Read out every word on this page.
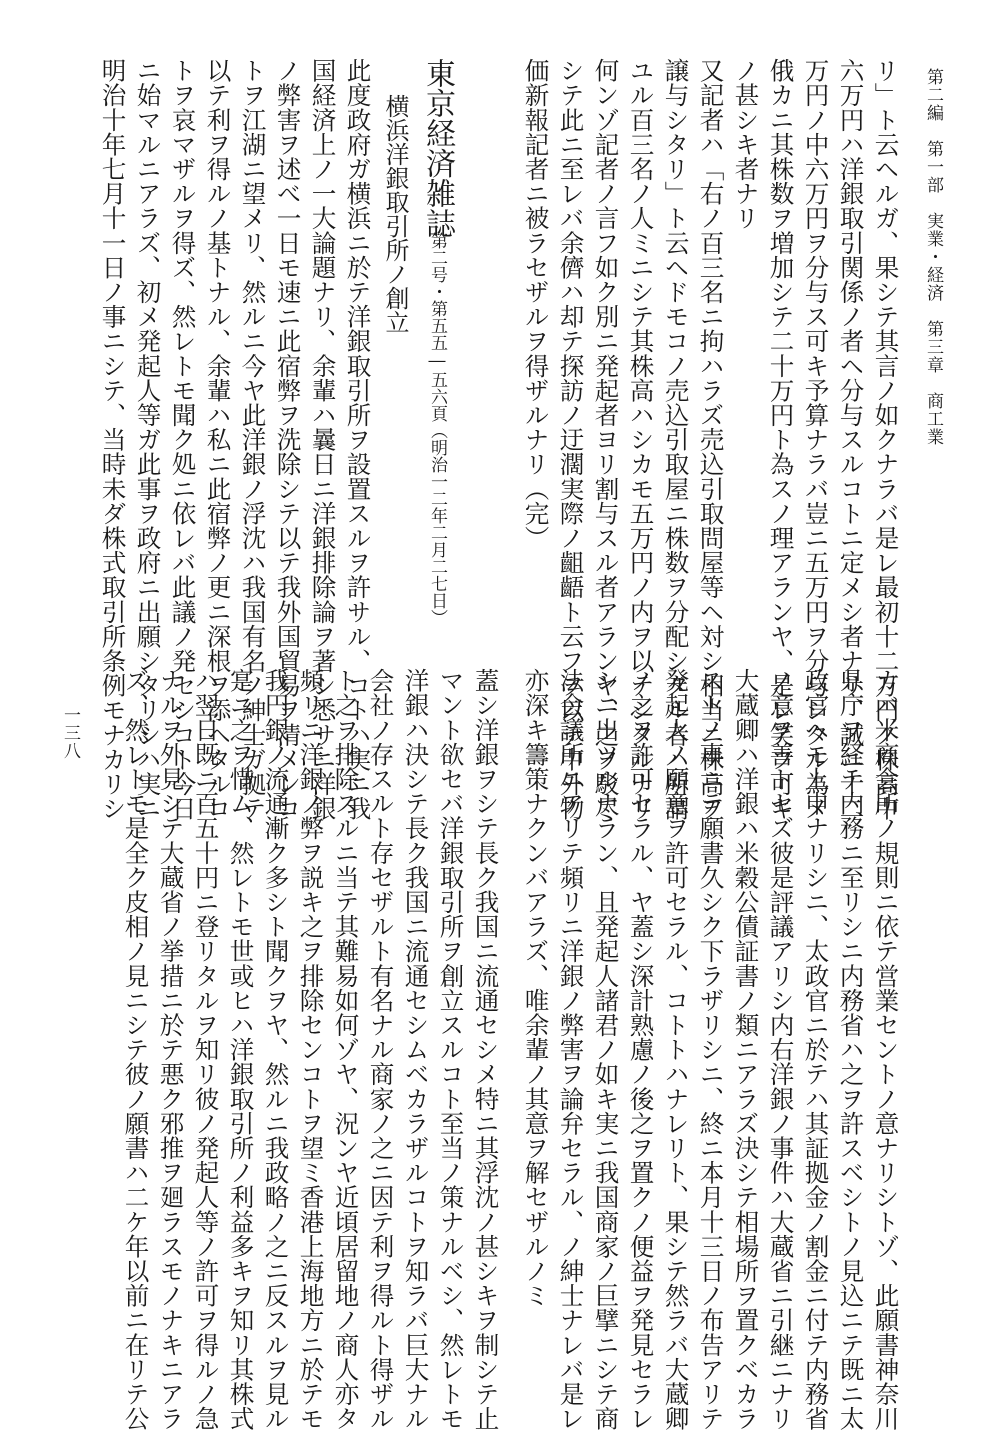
第二編　第一部　実業・経済　第三章　商工業
一三八	リ」ト云ヘルガ、果シテ其言ノ如クナラバ是レ最初十二万円ノ株高中
六万円ハ洋銀取引関係ノ者ヘ分与スルコトニ定メシ者ナリ、誠ニ十二
万円ノ中六万円ヲ分与ス可キ予算ナラバ豈ニ五万円ヲ分与シタル為メ
俄カニ其株数ヲ増加シテ二十万円ト為スノ理アランヤ、是レ笑フ可キ
ノ甚シキ者ナリ
又記者ハ「右ノ百三名ニ拘ハラズ売込引取問屋等ヘ対シ相当ニ株高ヲ
譲与シタリ」ト云ヘドモコノ売込引取屋ニ株数ヲ分配シタル者ハ所謂
ユル百三名ノ人ミニシテ其株高ハシカモ五万円ノ内ヲ以テシタルナリ
何ンゾ記者ノ言フ如ク別ニ発起者ヨリ割与スル者アランヤ、之ヲ駁尽
シテ此ニ至レバ余儕ハ却テ探訪ノ迂濶実際ノ齟齬ト云フヲ以テ中外物
価新報記者ニ被ラセザルヲ得ザルナリ（完）
東京経済雑誌
第二号・第五五―五六頁（明治一二年二月二七日）
横浜洋銀取引所ノ創立
此度政府ガ横浜ニ於テ洋銀取引所ヲ設置スルヲ許サル、コトハ実ニ我
国経済上ノ一大論題ナリ、余輩ハ曩日ニ洋銀排除論ヲ著シ悉サニ洋銀
ノ弊害ヲ述べ一日モ速ニ此宿弊ヲ洗除シテ以テ我外国貿易ヲ清メンコ
トヲ江湖ニ望メリ、然ルニ今ヤ此洋銀ノ浮沈ハ我国有名ノ紳士ガ拠テ
以テ利ヲ得ルノ基トナル、余輩ハ私ニ此宿弊ノ更ニ深根ヲ添ヘタルコ
トヲ哀マザルヲ得ズ、然レトモ聞ク処ニ依レバ此議ノ発セシコト今日
ニ始マルニアラズ、初メ発起人等ガ此事ヲ政府ニ出願シタリシハ実ニ
明治十年七月十一日ノ事ニシテ、当時未ダ株式取引所条例モナカリシ
カバ米商会所ノ規則ニ依テ営業セントノ意ナリシトゾ、此願書神奈川
県庁ヲ経テ内務ニ至リシニ内務省ハ之ヲ許スベシトノ見込ニテ既ニ太
政官ヘモ上申ナリシニ、太政官ニ於テハ其証拠金ノ割金ニ付テ内務省
ノ意ヲ善トセズ彼是評議アリシ内右洋銀ノ事件ハ大蔵省ニ引継ニナリ
大蔵卿ハ洋銀ハ米穀公債証書ノ類ニアラズ決シテ相場所ヲ置クベカラ
ストノ事ニテ願書久シク下ラザリシニ、終ニ本月十三日ノ布告アリテ
発起人ノ願意ヲ許可セラル、コトトハナレリト、果シテ然ラバ大蔵卿
ノ之ヲ許可セラル、ヤ蓋シ深計熟慮ノ後之ヲ置クノ便益ヲ発見セラレ
シニ出ツルナラン、且発起人諸君ノ如キ実ニ我国商家ノ巨擘ニシテ商
法会議所ニアリテ頻リニ洋銀ノ弊害ヲ論弁セラル、ノ紳士ナレバ是レ
亦深キ籌策ナクンバアラズ、唯余輩ノ其意ヲ解セザルノミ
蓋シ洋銀ヲシテ長ク我国ニ流通セシメ特ニ其浮沈ノ甚シキヲ制シテ止
マント欲セバ洋銀取引所ヲ創立スルコト至当ノ策ナルベシ、然レトモ
洋銀ハ決シテ長ク我国ニ流通セシムベカラザルコトヲ知ラバ巨大ナル
会社ノ存スルト存セザルト有名ナル商家ノ之ニ因テ利ヲ得ルト得ザル
ト之ヲ排除スルニ当テ其難易如何ゾヤ、況ンヤ近頃居留地ノ商人亦タ
頻リニ洋銀ノ弊ヲ説キ之ヲ排除センコトヲ望ミ香港上海地方ニ於テモ
我円銀ノ流通漸ク多シト聞クヲヤ、然ルニ我政略ノ之ニ反スルヲ見ル
寔ニ之ヲ惜ム、然レトモ世或ヒハ洋銀取引所ノ利益多キヲ知リ其株式
ハ翌日既ニ百五十円ニ登リタルヲ知リ彼ノ発起人等ノ許可ヲ得ルノ急
ナルヲ外見シテ大蔵省ノ挙措ニ於テ悪ク邪推ヲ廻ラスモノナキニアラ
ズ、然レトモ是全ク皮相ノ見ニシテ彼ノ願書ハ二ケ年以前ニ在リテ公
